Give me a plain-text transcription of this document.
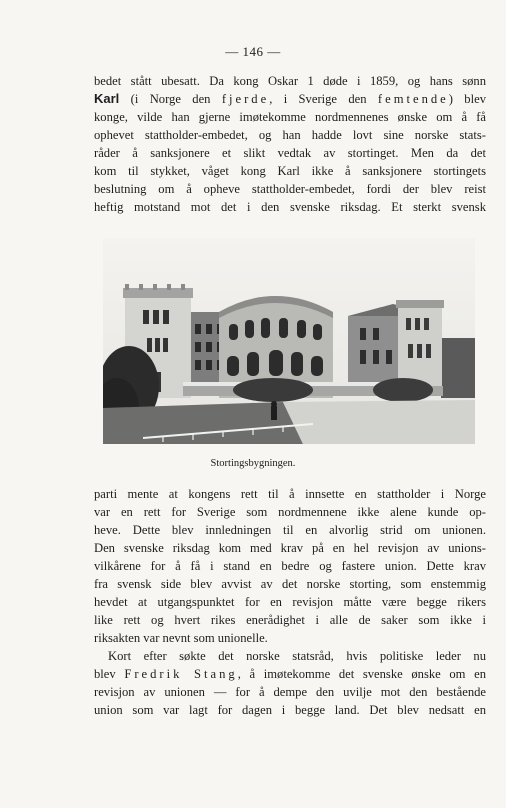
— 146 —
bedet stått ubesatt. Da kong Oskar 1 døde i 1859, og hans sønn
Karl (i Norge den fjerde, i Sverige den femtende) blev
konge, vilde han gjerne imøtekomme nordmennenes ønske om å få
ophevet stattholder-embedet, og han hadde lovt sine norske stats-
råder å sanksjonere et slikt vedtak av stortinget. Men da det
kom til stykket, våget kong Karl ikke å sanksjonere stortingets
beslutning om å opheve stattholder-embedet, fordi der blev reist
heftig motstand mot det i den svenske riksdag. Et sterkt svensk
Stortingsbygningen.
parti mente at kongens rett til å innsette en stattholder i Norge
var en rett for Sverige som nordmennene ikke alene kunde op-
heve. Dette blev innledningen til en alvorlig strid om unionen.
Den svenske riksdag kom med krav på en hel revisjon av unions-
vilkårene for å få i stand en bedre og fastere union. Dette krav
fra svensk side blev avvist av det norske storting, som enstemmig
hevdet at utgangspunktet for en revisjon måtte være begge rikers
like rett og hvert rikes enerådighet i alle de saker som ikke i
riksakten var nevnt som unionelle.
Kort efter søkte det norske statsråd, hvis politiske leder nu
blev Fredrik Stang, å imøtekomme det svenske ønske om en
revisjon av unionen — for å dempe den uvilje mot den bestående
union som var lagt for dagen i begge land. Det blev nedsatt en
